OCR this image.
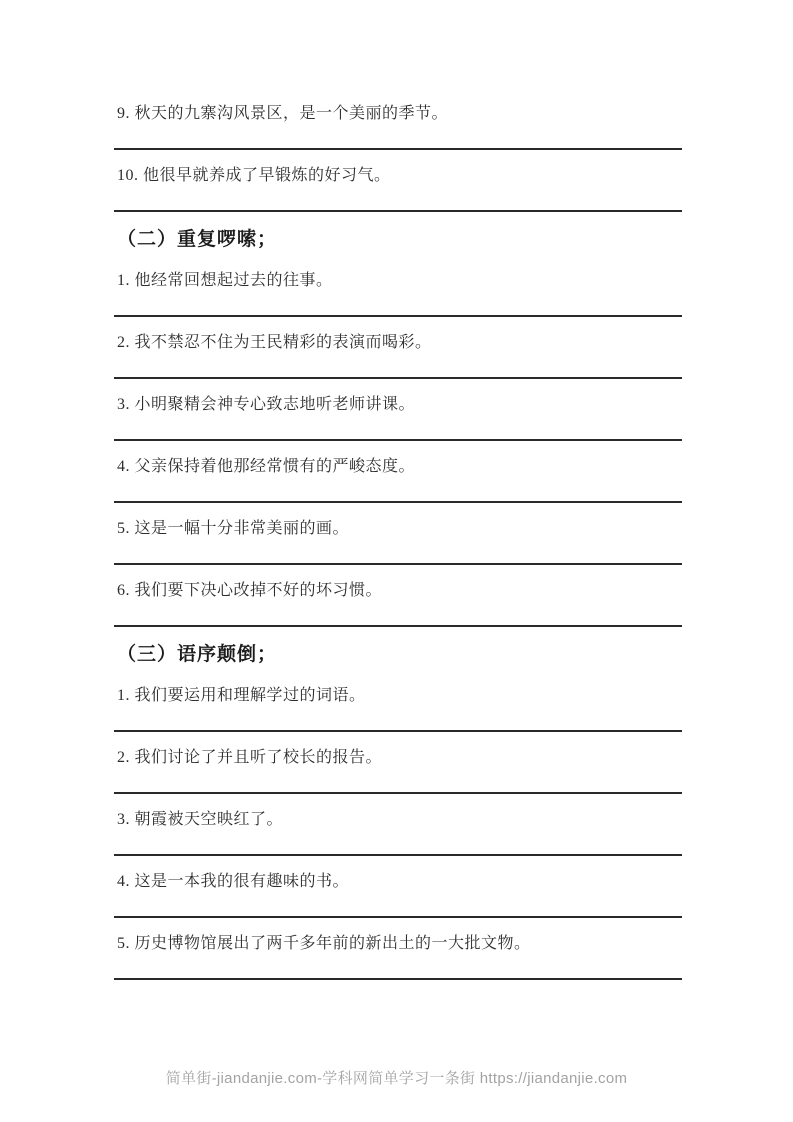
9. 秋天的九寨沟风景区，是一个美丽的季节。

10. 他很早就养成了早锻炼的好习气。

（二）重复啰嗦；

1. 他经常回想起过去的往事。

2. 我不禁忍不住为王民精彩的表演而喝彩。

3. 小明聚精会神专心致志地听老师讲课。

4. 父亲保持着他那经常惯有的严峻态度。

5. 这是一幅十分非常美丽的画。

6. 我们要下决心改掉不好的坏习惯。

（三）语序颠倒；

1. 我们要运用和理解学过的词语。

2. 我们讨论了并且听了校长的报告。

3. 朝霞被天空映红了。

4. 这是一本我的很有趣味的书。

5. 历史博物馆展出了两千多年前的新出土的一大批文物。

简单街-jiandanjie.com-学科网简单学习一条街 https://jiandanjie.com
